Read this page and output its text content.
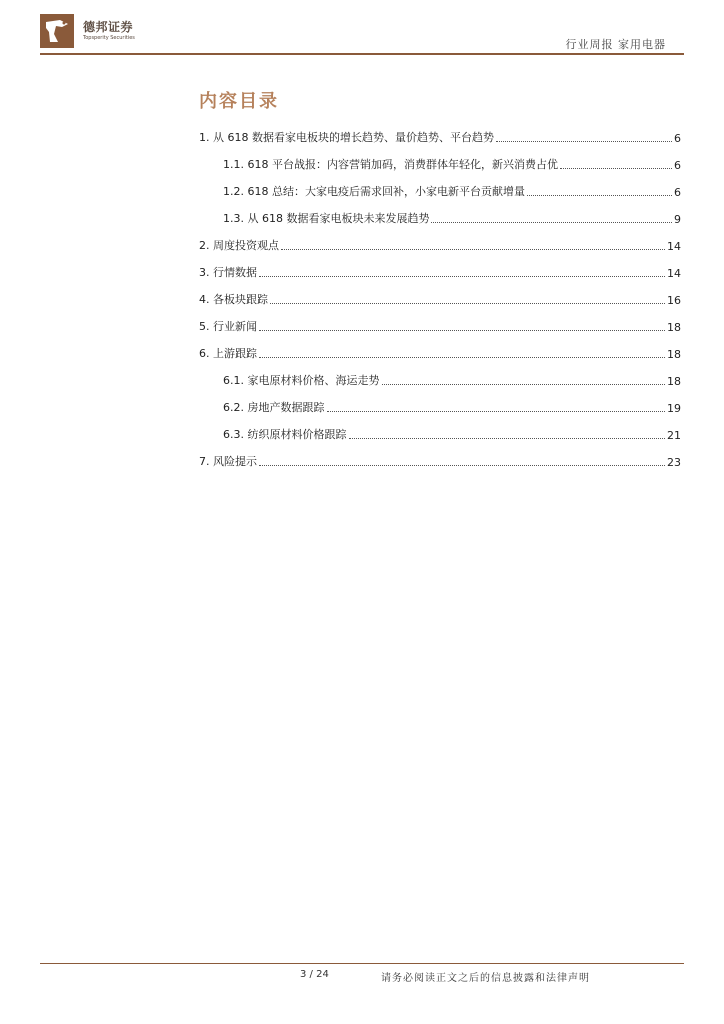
德邦证券
Topsperity Securities	行业周报 家用电器
内容目录
1. 从 618 数据看家电板块的增长趋势、量价趋势、平台趋势	6
1.1. 618 平台战报：内容营销加码，消费群体年轻化，新兴消费占优	6
1.2. 618 总结：大家电疫后需求回补，小家电新平台贡献增量	6
1.3. 从 618 数据看家电板块未来发展趋势	9
2. 周度投资观点	14
3. 行情数据	14
4. 各板块跟踪	16
5. 行业新闻	18
6. 上游跟踪	18
6.1. 家电原材料价格、海运走势	18
6.2. 房地产数据跟踪	19
6.3. 纺织原材料价格跟踪	21
7. 风险提示	23
3 / 24	请务必阅读正文之后的信息披露和法律声明
